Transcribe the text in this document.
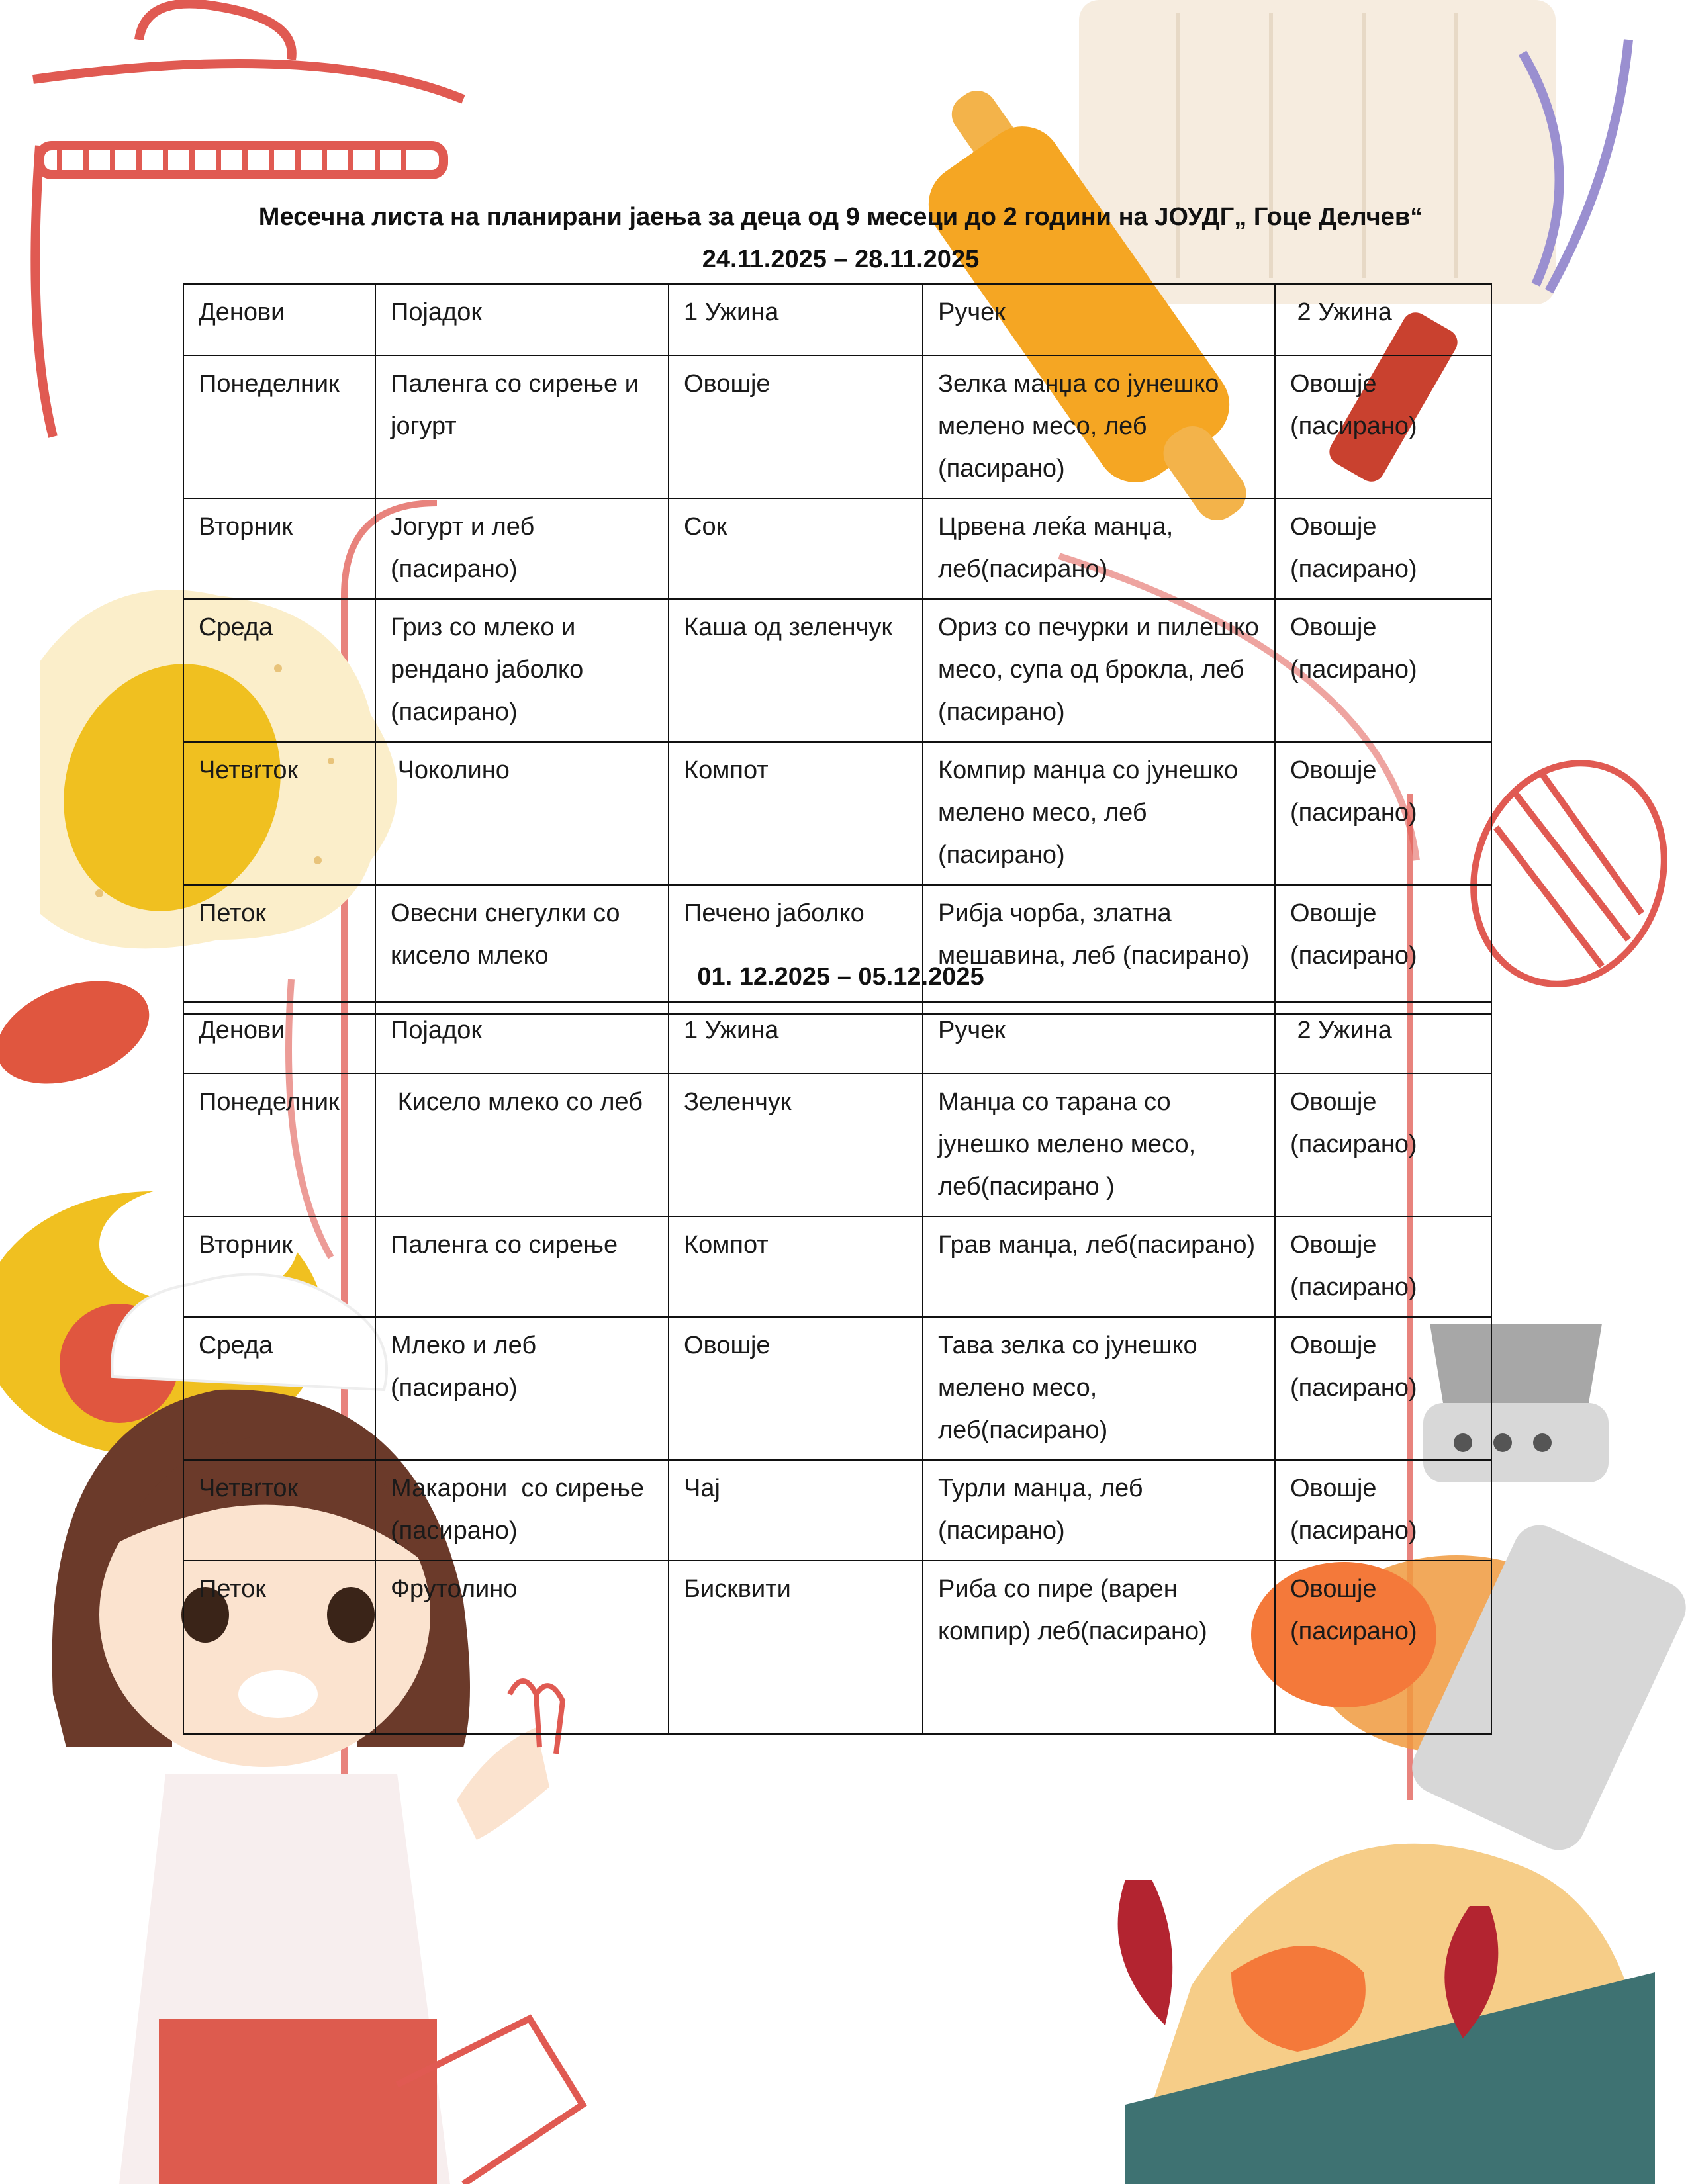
Месечна листа на планирани јаења за деца од 9 месеци до 2 години на ЈОУДГ„ Гоце Делчев“
24.11.2025 – 28.11.2025
Денови	Појадок	1 Ужина	Ручек	2 Ужина
Понеделник	Паленга со сирење и јогурт	Овошје	Зелка манџа со јунешко мелено месо, леб (пасирано)	Овошје (пасирано)
Вторник	Јогурт и леб (пасирано)	Сок	Црвена леќа манџа, леб(пасирано)	Овошје (пасирано)
Среда	Гриз со млеко и рендано јаболко (пасирано)	Каша од зеленчук	Ориз со печурки и пилешко месо, супа од брокла, леб (пасирано)	Овошје (пасирано)
Четвrток	Чоколино	Компот	Компир манџа со јунешко мелено месо, леб (пасирано)	Овошје (пасирано)
Петок	Овесни снегулки со кисело млеко	Печено јаболко	Рибја чорба, златна мешавина, леб (пасирано)	Овошје (пасирано)
01. 12.2025 – 05.12.2025
Денови	Појадок	1 Ужина	Ручек	2 Ужина
Понеделник	Кисело млеко со леб	Зеленчук	Манџа со тарана со јунешко мелено месо, леб(пасирано )	Овошје (пасирано)
Вторник	Паленга со сирење	Компот	Грав манџа, леб(пасирано)	Овошје (пасирано)
Среда	Млеко и леб (пасирано)	Овошје	Тава зелка со јунешко мелено месо, леб(пасирано)	Овошје (пасирано)
Четвrток	Макарони  со сирење (пасирано)	Чај	Турли манџа, леб (пасирано)	Овошје (пасирано)
Петок	Фрутолино	Бисквити	Риба со пире (варен компир) леб(пасирано)	Овошје (пасирано)
